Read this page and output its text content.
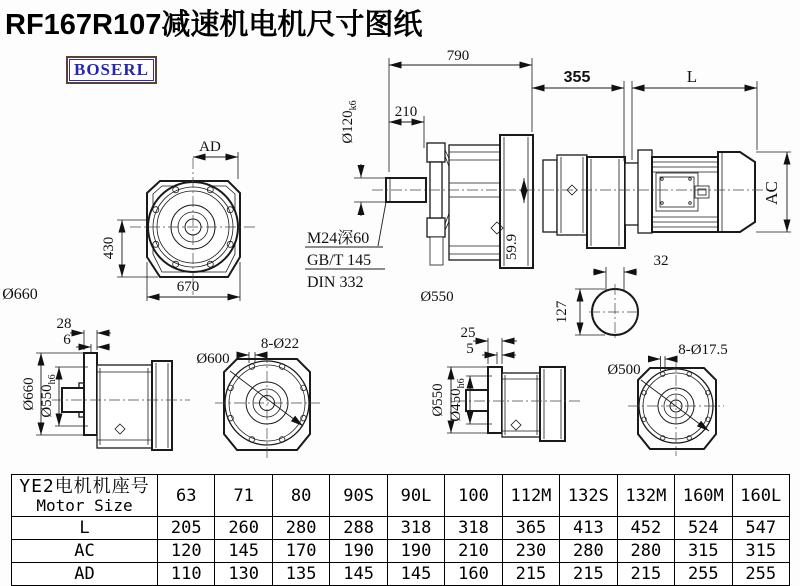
RF167R107减速机电机尺寸图纸
BOSERL
AD
430
670
790
210
$Ø120_{k6}$
M24深60
GB/T 145
DIN 332
59.9
Ø550
355	L
AC
127
32
Ø660
Ø660 $Ø550_{h6}$
28
6
Ø600
8-Ø22
Ø550 $Ø450_{h6}$
25
5
Ø500
8-Ø17.5
YE2电机机座号
Motor Size	63	71	80	90S	90L	100	112M	132S	132M	160M	160L
L	205	260	280	288	318	318	365	413	452	524	547
AC	120	145	170	190	190	210	230	280	280	315	315
AD	110	130	135	145	145	160	215	215	215	255	255
